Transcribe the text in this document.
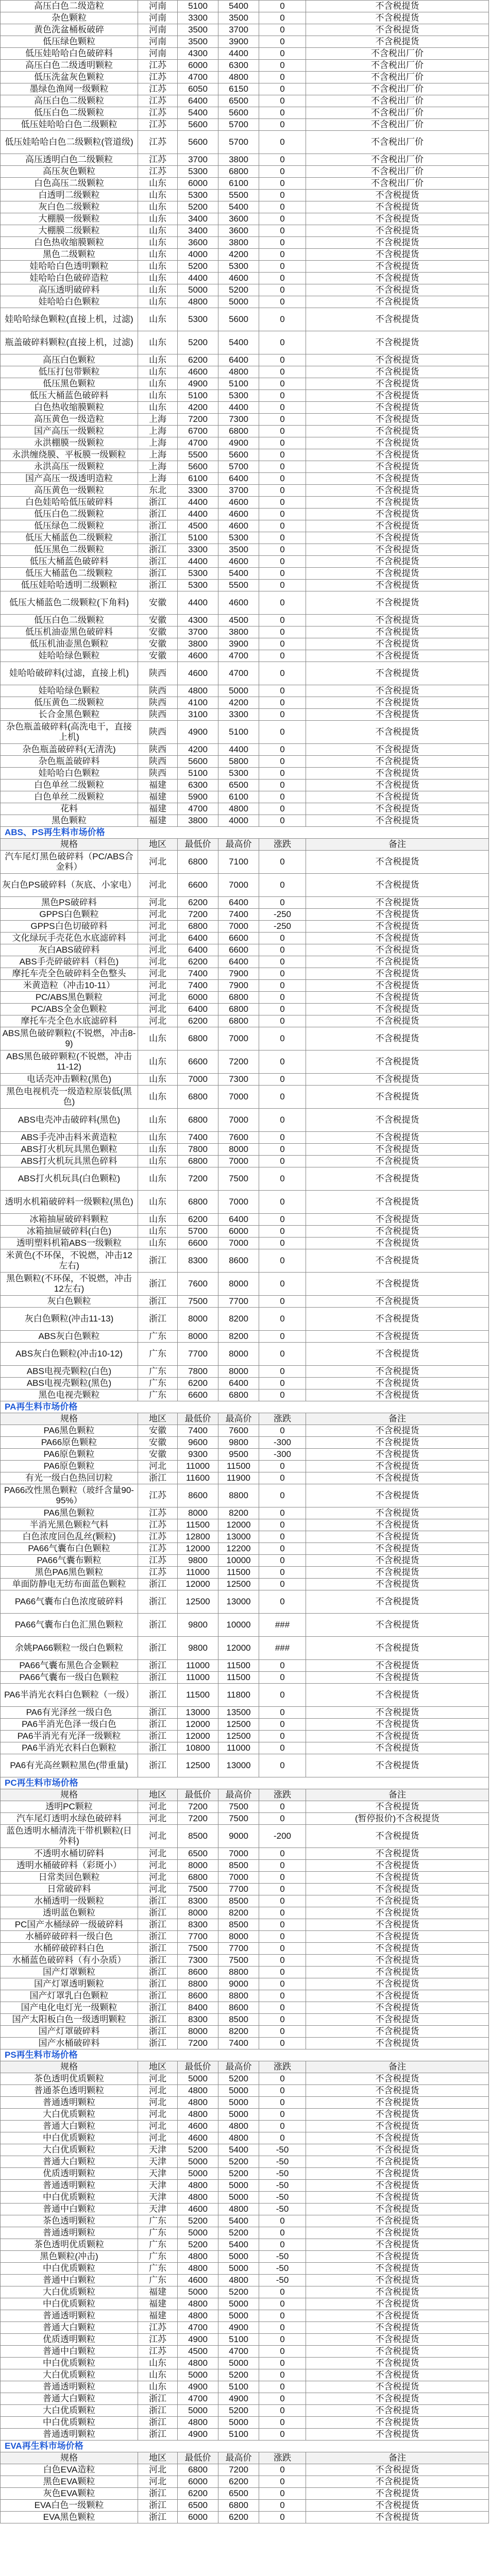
高压白色二级造粒	河南	5100	5400	0	不含税提货
杂色颗粒	河南	3300	3500	0	不含税提货
黄色洗盆桶板破碎	河南	3500	3700	0	不含税提货
低压绿色颗粒	河南	3500	3900	0	不含税提货
低压娃哈哈白色破碎料	河南	4300	4400	0	不含税出厂价
高压白色二级透明颗粒	江苏	6000	6300	0	不含税出厂价
低压洗盆灰色颗粒	江苏	4700	4800	0	不含税出厂价
墨绿色渔网一级颗粒	江苏	6050	6150	0	不含税出厂价
高压白色二级颗粒	江苏	6400	6500	0	不含税出厂价
低压白色二级颗粒	江苏	5400	5600	0	不含税出厂价
低压娃哈哈白色二级颗粒	江苏	5600	5700	0	不含税出厂价
低压娃哈哈白色二级颗粒(管道级)	江苏	5600	5700	0	不含税出厂价
高压透明白色二级颗粒	江苏	3700	3800	0	不含税出厂价
高压灰色颗粒	江苏	5300	6800	0	不含税出厂价
白色高压二级颗粒	山东	6000	6100	0	不含税出厂价
白透明二级颗粒	山东	5300	5500	0	不含税提货
灰白色二级颗粒	山东	5200	5400	0	不含税提货
大棚膜一级颗粒	山东	3400	3600	0	不含税提货
大棚膜二级颗粒	山东	3400	3600	0	不含税提货
白色热收缩膜颗粒	山东	3600	3800	0	不含税提货
黑色二级颗粒	山东	4000	4200	0	不含税提货
娃哈哈白色透明颗粒	山东	5200	5300	0	不含税提货
娃哈哈白色破碎造粒	山东	4400	4600	0	不含税提货
高压透明破碎料	山东	5000	5200	0	不含税提货
娃哈哈白色颗粒	山东	4800	5000	0	不含税提货
娃哈哈绿色颗粒(直接上机，过滤)	山东	5300	5600	0	不含税提货
瓶盖破碎料颗粒(直接上机，过滤)	山东	5200	5400	0	不含税提货
高压白色颗粒	山东	6200	6400	0	不含税提货
低压打包带颗粒	山东	4600	4800	0	不含税提货
低压黑色颗粒	山东	4900	5100	0	不含税提货
低压大桶蓝色破碎料	山东	5100	5300	0	不含税提货
白色热收缩膜颗粒	山东	4200	4400	0	不含税提货
高压黄色一级造粒	上海	7200	7300	0	不含税提货
国产高压一级颗粒	上海	6700	6800	0	不含税提货
永洪棚膜一级颗粒	上海	4700	4900	0	不含税提货
永洪缠绕膜、平板膜一级颗粒	上海	5500	5600	0	不含税提货
永洪高压一级颗粒	上海	5600	5700	0	不含税提货
国产高压一级透明造粒	上海	6100	6400	0	不含税提货
高压黄色一级颗粒	东北	3300	3700	0	不含税提货
白色娃哈哈低压破碎料	浙江	4400	4600	0	不含税提货
低压白色二级颗粒	浙江	4400	4600	0	不含税提货
低压绿色二级颗粒	浙江	4500	4600	0	不含税提货
低压大桶蓝色二级颗粒	浙江	5100	5300	0	不含税提货
低压黑色二级颗粒	浙江	3300	3500	0	不含税提货
低压大桶蓝色破碎料	浙江	4400	4600	0	不含税提货
低压大桶蓝色二级颗粒	浙江	5300	5400	0	不含税提货
低压娃哈哈透明二级颗粒	浙江	5300	5500	0	不含税提货
低压大桶蓝色二级颗粒(下角料)	安徽	4400	4600	0	不含税提货
低压白色二级颗粒	安徽	4300	4500	0	不含税提货
低压机油壶黑色破碎料	安徽	3700	3800	0	不含税提货
低压机油壶黑色颗粒	安徽	3800	3900	0	不含税提货
娃哈哈绿色颗粒	安徽	4600	4700	0	不含税提货
娃哈哈破碎料(过滤，直接上机)	陕西	4600	4700	0	不含税提货
娃哈哈绿色颗粒	陕西	4800	5000	0	不含税提货
低压黄色二级颗粒	陕西	4100	4200	0	不含税提货
长合金黑色颗粒	陕西	3100	3300	0	不含税提货
杂色瓶盖破碎料(高洗电干，直接上机)	陕西	4900	5100	0	不含税提货
杂色瓶盖破碎料(无清洗)	陕西	4200	4400	0	不含税提货
杂色瓶盖破碎料	陕西	5600	5800	0	不含税提货
娃哈哈白色颗粒	陕西	5100	5300	0	不含税提货
白色单丝二级颗粒	福建	6300	6500	0	不含税提货
白色单丝二级颗粒	福建	5900	6100	0	不含税提货
花料	福建	4700	4800	0	不含税提货
黑色颗粒	福建	3800	4000	0	不含税提货
ABS、PS再生料市场价格
规格	地区	最低价	最高价	涨跌	备注
汽车尾灯黑色破碎料（PC/ABS合金料）	河北	6800	7100	0	不含税提货
灰白色PS破碎料（灰底、小家电）	河北	6600	7000	0	不含税提货
黑色PS破碎料	河北	6200	6400	0	不含税提货
GPPS白色颗粒	河北	7200	7400	-250	不含税提货
GPPS白色切破碎料	河北	6800	7000	-250	不含税提货
文化绿玩手壳花色水底滤碎料	河北	6400	6600	0	不含税提货
灰白ABS破碎料	河北	6400	6600	0	不含税提货
ABS手壳碎破碎料（料色)	河北	6200	6400	0	不含税提货
摩托车壳全色破碎料全色整头	河北	7400	7900	0	不含税提货
米黄造粒（冲击10-11）	河北	7400	7900	0	不含税提货
PC/ABS黑色颗粒	河北	6000	6800	0	不含税提货
PC/ABS全金色颗粒	河北	6400	6800	0	不含税提货
摩托车壳全色水底滤碎料	河北	6200	6800	0	不含税提货
ABS黑色破碎颗粒(不锐燃，冲击8-9)	山东	6800	7000	0	不含税提货
ABS黑色破碎颗粒(不锐燃，冲击11-12)	山东	6600	7200	0	不含税提货
电话壳冲击颗粒(黑色)	山东	7000	7300	0	不含税提货
黑色电视机壳一级造粒原装低(黑色)	山东	6800	7000	0	不含税提货
ABS电壳冲击破碎料(黑色)	山东	6800	7000	0	不含税提货
ABS手壳冲击料米黄造粒	山东	7400	7600	0	不含税提货
ABS打火机玩具黑色颗粒	山东	7800	8000	0	不含税提货
ABS打火机玩具黑色碎料	山东	6800	7000	0	不含税提货
ABS打火机玩具(白色颗粒)	山东	7200	7500	0	不含税提货
透明水机箱破碎料一级颗粒(黑色)	山东	6800	7000	0	不含税提货
冰箱抽屉破碎料颗粒	山东	6200	6400	0	不含税提货
冰箱抽屉破碎料(白色)	山东	5700	6000	0	不含税提货
透明塑料机箱ABS一级颗粒	山东	6600	7000	0	不含税提货
米黄色(不环保，不锐燃，冲击12左右)	浙江	8300	8600	0	不含税提货
黑色颗粒(不环保，不锐燃，冲击12左右)	浙江	7600	8000	0	不含税提货
灰白色颗粒	浙江	7500	7700	0	不含税提货
灰白色颗粒(冲击11-13)	浙江	8000	8200	0	不含税提货
ABS灰白色颗粒	广东	8000	8200	0	不含税提货
ABS灰白色颗粒(冲击10-12)	广东	7700	8000	0	不含税提货
ABS电视壳颗粒(白色)	广东	7800	8000	0	不含税提货
ABS电视壳颗粒(黑色)	广东	6200	6400	0	不含税提货
黑色电视壳颗粒	广东	6600	6800	0	不含税提货
PA再生料市场价格
规格	地区	最低价	最高价	涨跌	备注
PA6黑色颗粒	安徽	7400	7600	0	不含税提货
PA66原色颗粒	安徽	9600	9800	-300	不含税提货
PA6原色颗粒	安徽	9300	9500	-300	不含税提货
PA6原色颗粒	河北	11000	11500	0	不含税提货
有光一级白色热回切粒	浙江	11600	11900	0	不含税提货
PA66改性黑色颗粒（玻纤含量90-95%）	江苏	8600	8800	0	不含税提货
PA6黑色颗粒	江苏	8000	8200	0	不含税提货
半消光黑色颗粒气料	江苏	11500	12000	0	不含税提货
白色浓度回色乱丝(颗粒)	江苏	12800	13000	0	不含税提货
PA66气囊布白色颗粒	江苏	12000	12200	0	不含税提货
PA66气囊布颗粒	江苏	9800	10000	0	不含税提货
黑色PA6黑色颗粒	江苏	11000	11500	0	不含税提货
单面防静电无纺布面蓝色颗粒	浙江	12000	12500	0	不含税提货
PA66气囊布白色浓度破碎料	浙江	12500	13000	0	不含税提货
PA66气囊布白色汇黑色颗粒	浙江	9800	10000	###	不含税提货
余姚PA66颗粒一级白色颗粒	浙江	9800	12000	###	不含税提货
PA66气囊布黑色合金颗粒	浙江	11000	11500	0	不含税提货
PA66气囊布一级白色颗粒	浙江	11000	11500	0	不含税提货
PA6半消光衣料白色颗粒（一级）	浙江	11500	11800	0	不含税提货
PA6有光泽丝一级白色	浙江	13000	13500	0	不含税提货
PA6半消光色泽一级白色	浙江	12000	12500	0	不含税提货
PA6半消光有光泽一级颗粒	浙江	12000	12500	0	不含税提货
PA6半消光衣料白色颗粒	浙江	10800	11000	0	不含税提货
PA6有光高丝颗粒黑色(带重量)	浙江	12500	13000	0	不含税提货
PC再生料市场价格
规格	地区	最低价	最高价	涨跌	备注
透明PC颗粒	河北	7200	7500	0	不含税提货
汽车尾灯透明水绿色破碎料	河北	7200	7500	0	(暂停报价)不含税提货
蓝色透明水桶清洗干带机颗粒(日外料)	河北	8500	9000	-200	不含税提货
不透明水桶切碎料	河北	6500	7000	0	不含税提货
透明水桶破碎料（彩斑小）	河北	8000	8500	0	不含税提货
日常类回色颗粒	河北	6800	7000	0	不含税提货
日常破碎料	河北	7500	7700	0	不含税提货
水桶透明一级颗粒	浙江	8300	8500	0	不含税提货
透明蓝色颗粒	浙江	8000	8200	0	不含税提货
PC国产水桶绿碎一级破碎料	浙江	8300	8500	0	不含税提货
水桶碎破碎料一级白色	浙江	7700	8000	0	不含税提货
水桶碎破碎料白色	浙江	7500	7700	0	不含税提货
水桶蓝色破碎料（有小杂质）	浙江	7300	7500	0	不含税提货
国产灯罩颗粒	浙江	8600	8800	0	不含税提货
国产灯罩透明颗粒	浙江	8800	9000	0	不含税提货
国产灯罩乳白色颗粒	浙江	8600	8800	0	不含税提货
国产电化电灯光一级颗粒	浙江	8400	8600	0	不含税提货
国产太阳板白色一级透明颗粒	浙江	8300	8500	0	不含税提货
国产灯罩破碎料	浙江	8000	8200	0	不含税提货
国产水桶破碎料	浙江	7200	7400	0	不含税提货
PS再生料市场价格
规格	地区	最低价	最高价	涨跌	备注
茶色透明优质颗粒	河北	5000	5200	0	不含税提货
普通茶色透明颗粒	河北	4800	5000	0	不含税提货
普通透明颗粒	河北	4800	5000	0	不含税提货
大白优质颗粒	河北	4800	5000	0	不含税提货
普通大白颗粒	河北	4600	4800	0	不含税提货
中白优质颗粒	河北	4600	4800	0	不含税提货
大白优质颗粒	天津	5200	5400	-50	不含税提货
普通大白颗粒	天津	5000	5200	-50	不含税提货
优质透明颗粒	天津	5000	5200	-50	不含税提货
普通透明颗粒	天津	4800	5000	-50	不含税提货
中白优质颗粒	天津	4800	5000	-50	不含税提货
普通中白颗粒	天津	4600	4800	-50	不含税提货
茶色透明颗粒	广东	5200	5400	0	不含税提货
普通透明颗粒	广东	5000	5200	0	不含税提货
茶色透明优质颗粒	广东	5200	5400	0	不含税提货
黑色颗粒(冲击)	广东	4800	5000	-50	不含税提货
中白优质颗粒	广东	4800	5000	-50	不含税提货
普通中白颗粒	广东	4600	4800	-50	不含税提货
大白优质颗粒	福建	5000	5200	0	不含税提货
中白优质颗粒	福建	4800	5000	0	不含税提货
普通透明颗粒	福建	4800	5000	0	不含税提货
普通大白颗粒	江苏	4700	4900	0	不含税提货
优质透明颗粒	江苏	4900	5100	0	不含税提货
普通中白颗粒	江苏	4500	4700	0	不含税提货
中白优质颗粒	山东	4800	5000	0	不含税提货
大白优质颗粒	山东	5000	5200	0	不含税提货
普通透明颗粒	山东	4900	5100	0	不含税提货
普通大白颗粒	浙江	4700	4900	0	不含税提货
大白优质颗粒	浙江	5000	5200	0	不含税提货
中白优质颗粒	浙江	4800	5000	0	不含税提货
普通透明颗粒	浙江	4900	5100	0	不含税提货
EVA再生料市场价格
规格	地区	最低价	最高价	涨跌	备注
白色EVA造粒	河北	6800	7200	0	不含税提货
黑色EVA颗粒	河北	6000	6200	0	不含税提货
灰色EVA颗粒	浙江	6200	6500	0	不含税提货
EVA白色一级颗粒	浙江	6500	6800	0	不含税提货
EVA黑色颗粒	浙江	6000	6200	0	不含税提货
